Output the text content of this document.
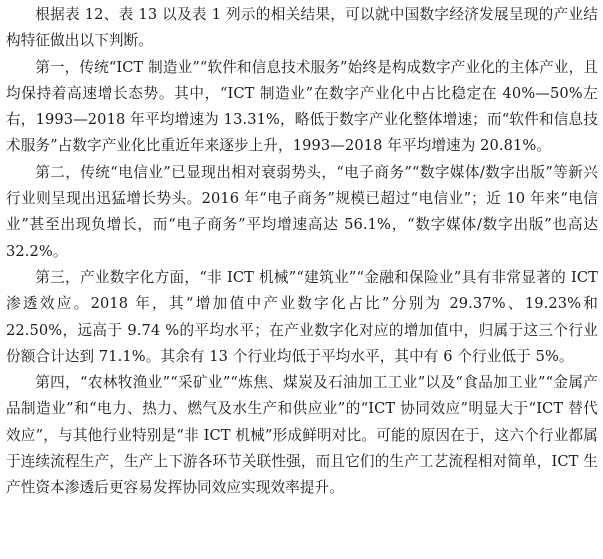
根据表 12、表 13 以及表 1 列示的相关结果，可以就中国数字经济发展呈现的产业结构特征做出以下判断。

第一，传统“ICT 制造业”“软件和信息技术服务”始终是构成数字产业化的主体产业，且均保持着高速增长态势。其中，“ICT 制造业”在数字产业化中占比稳定在 40%—50%左右，1993—2018 年平均增速为 13.31%，略低于数字产业化整体增速；而“软件和信息技术服务”占数字产业化比重近年来逐步上升，1993—2018 年平均增速为 20.81%。

第二，传统“电信业”已显现出相对衰弱势头，“电子商务”“数字媒体/数字出版”等新兴行业则呈现出迅猛增长势头。2016 年“电子商务”规模已超过“电信业”；近 10 年来“电信业”甚至出现负增长，而“电子商务”平均增速高达 56.1%，“数字媒体/数字出版”也高达 32.2%。

第三，产业数字化方面，“非 ICT 机械”“建筑业”“金融和保险业”具有非常显著的 ICT 渗透效应。2018 年，其“增加值中产业数字化占比”分别为 29.37%、19.23%和 22.50%，远高于 9.74 %的平均水平；在产业数字化对应的增加值中，归属于这三个行业份额合计达到 71.1%。其余有 13 个行业均低于平均水平，其中有 6 个行业低于 5%。

第四，“农林牧渔业”“采矿业”“炼焦、煤炭及石油加工工业”以及“食品加工业”“金属产品制造业”和“电力、热力、燃气及水生产和供应业”的“ICT 协同效应”明显大于“ICT 替代效应”，与其他行业特别是“非 ICT 机械”形成鲜明对比。可能的原因在于，这六个行业都属于连续流程生产，生产上下游各环节关联性强，而且它们的生产工艺流程相对简单，ICT 生产性资本渗透后更容易发挥协同效应实现效率提升。
